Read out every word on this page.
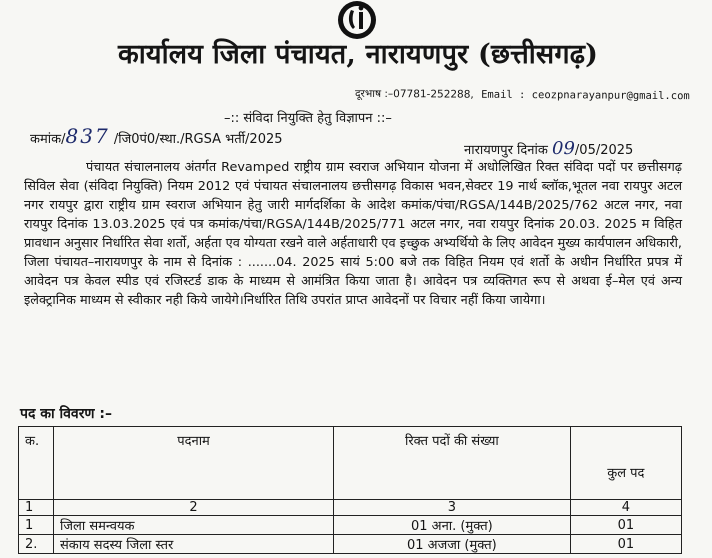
कार्यालय जिला पंचायत, नारायणपुर (छत्तीसगढ़)
दूरभाष :–07781-252288, Email : ceozpnarayanpur@gmail.com
–:: संविदा नियुक्ति हेतु विज्ञापन ::–
कमांक/837 /जि0पं0/स्था./RGSA भर्ती/2025
नारायणपुर दिनांक 09/05/2025

पंचायत संचालनालय अंतर्गत Revamped राष्ट्रीय ग्राम स्वराज अभियान योजना में अधोलिखित रिक्त संविदा पदों पर छत्तीसगढ़ सिविल सेवा (संविदा नियुक्ति) नियम 2012 एवं पंचायत संचालनालय छत्तीसगढ़ विकास भवन,सेक्टर 19 नार्थ ब्लॉक,भूतल नवा रायपुर अटल नगर रायपुर द्वारा राष्ट्रीय ग्राम स्वराज अभियान हेतु जारी मार्गदर्शिका के आदेश कमांक/पंचा/RGSA/144B/2025/762 अटल नगर, नवा रायपुर दिनांक 13.03.2025 एवं पत्र कमांक/पंचा/RGSA/144B/2025/771 अटल नगर, नवा रायपुर दिनांक 20.03. 2025 म विहित प्रावधान अनुसार निर्धारित सेवा शर्तो, अर्हता एव योग्यता रखने वाले अर्हताधारी एव इच्छुक अभ्यर्थियो के लिए आवेदन मुख्य कार्यपालन अधिकारी, जिला पंचायत–नारायणपुर के नाम से दिनांक : .......04. 2025 सायं 5:00 बजे तक विहित नियम एवं शर्तो के अधीन निर्धारित प्रपत्र में आवेदन पत्र केवल स्पीड एवं रजिस्टर्ड डाक के माध्यम से आमंत्रित किया जाता है। आवेदन पत्र व्यक्तिगत रूप से अथवा ई–मेल एवं अन्य इलेक्ट्रानिक माध्यम से स्वीकार नही किये जायेगे।निर्धारित तिथि उपरांत प्राप्त आवेदनों पर विचार नहीं किया जायेगा।

पद का विवरण :–
क.	पदनाम	रिक्त पदों की संख्या	कुल पद
1	2	3	4
1	जिला समन्वयक	01 अना. (मुक्त)	01
2.	संकाय सदस्य जिला स्तर	01 अजजा (मुक्त)	01
